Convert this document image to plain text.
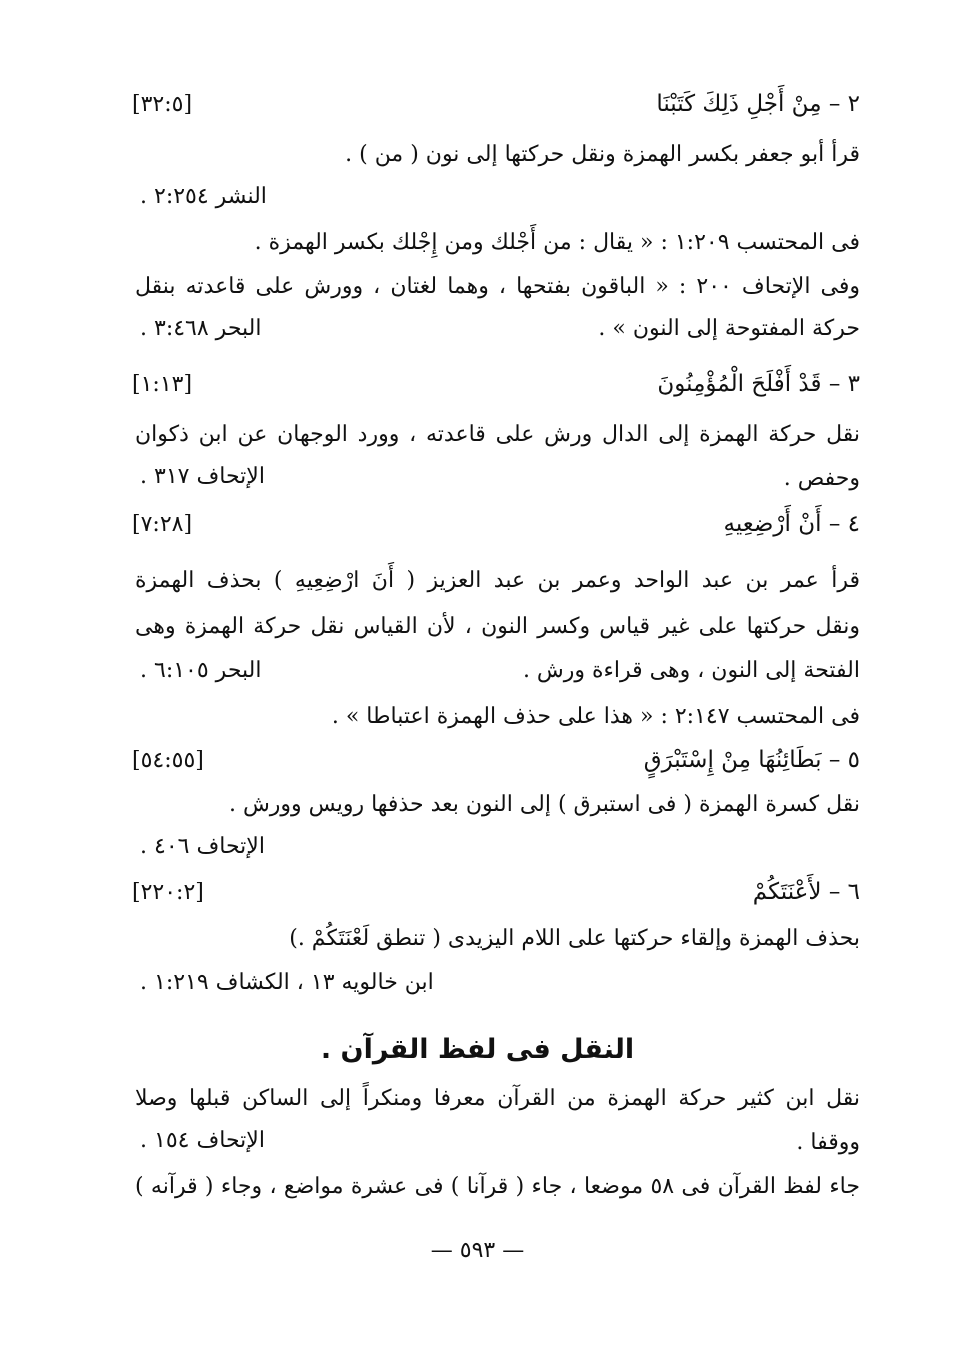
٢ – مِنْ أَجْلِ ذَلِكَ كَتَبْنَا
[٣٢:٥]
قرأ أبو جعفر بكسر الهمزة ونقل حركتها إلى نون ( من ) .
النشر ٢:٢٥٤ .
فى المحتسب ١:٢٠٩ : « يقال : من أَجْلك ومن إِجْلك بكسر الهمزة .
وفى الإتحاف ٢٠٠ : « الباقون بفتحها ، وهما لغتان ، وورش على قاعدته بنقل
حركة المفتوحة إلى النون » .
البحر ٣:٤٦٨ .
٣ – قَدْ أَفْلَحَ الْمُؤْمِنُونَ
[١:١٣]
نقل حركة الهمزة إلى الدال ورش على قاعدته ، وورد الوجهان عن ابن ذكوان
وحفص .
الإتحاف ٣١٧ .
٤ – أَنْ أَرْضِعِيهِ
[٧:٢٨]
قرأ عمر بن عبد الواحد وعمر بن عبد العزيز ( أَنَ ارْضِعِيهِ ) بحذف الهمزة
ونقل حركتها على غير قياس وكسر النون ، لأن القياس نقل حركة الهمزة وهى
الفتحة إلى النون ، وهى قراءة ورش .
البحر ٦:١٠٥ .
فى المحتسب ٢:١٤٧ : « هذا على حذف الهمزة اعتباطا » .
٥ – بَطَائِنُهَا مِنْ إِسْتَبْرَقٍ
[٥٤:٥٥]
نقل كسرة الهمزة ( فى استبرق ) إلى النون بعد حذفها رويس وورش .
الإتحاف ٤٠٦ .
٦ – لأَعْنَتَكُمْ
[٢٢٠:٢]
بحذف الهمزة وإلقاء حركتها على اللام اليزيدى ( تنطق لَعْنَتَكُمْ .)
ابن خالويه ١٣ ، الكشاف ١:٢١٩ .
النقل فى لفظ القرآن .
نقل ابن كثير حركة الهمزة من القرآن معرفا ومنكراً إلى الساكن قبلها وصلا
ووقفا .
الإتحاف ١٥٤ .
جاء لفظ القرآن فى ٥٨ موضعا ، جاء ( قرآنا ) فى عشرة مواضع ، وجاء ( قرآنه )
— ٥٩٣ —
